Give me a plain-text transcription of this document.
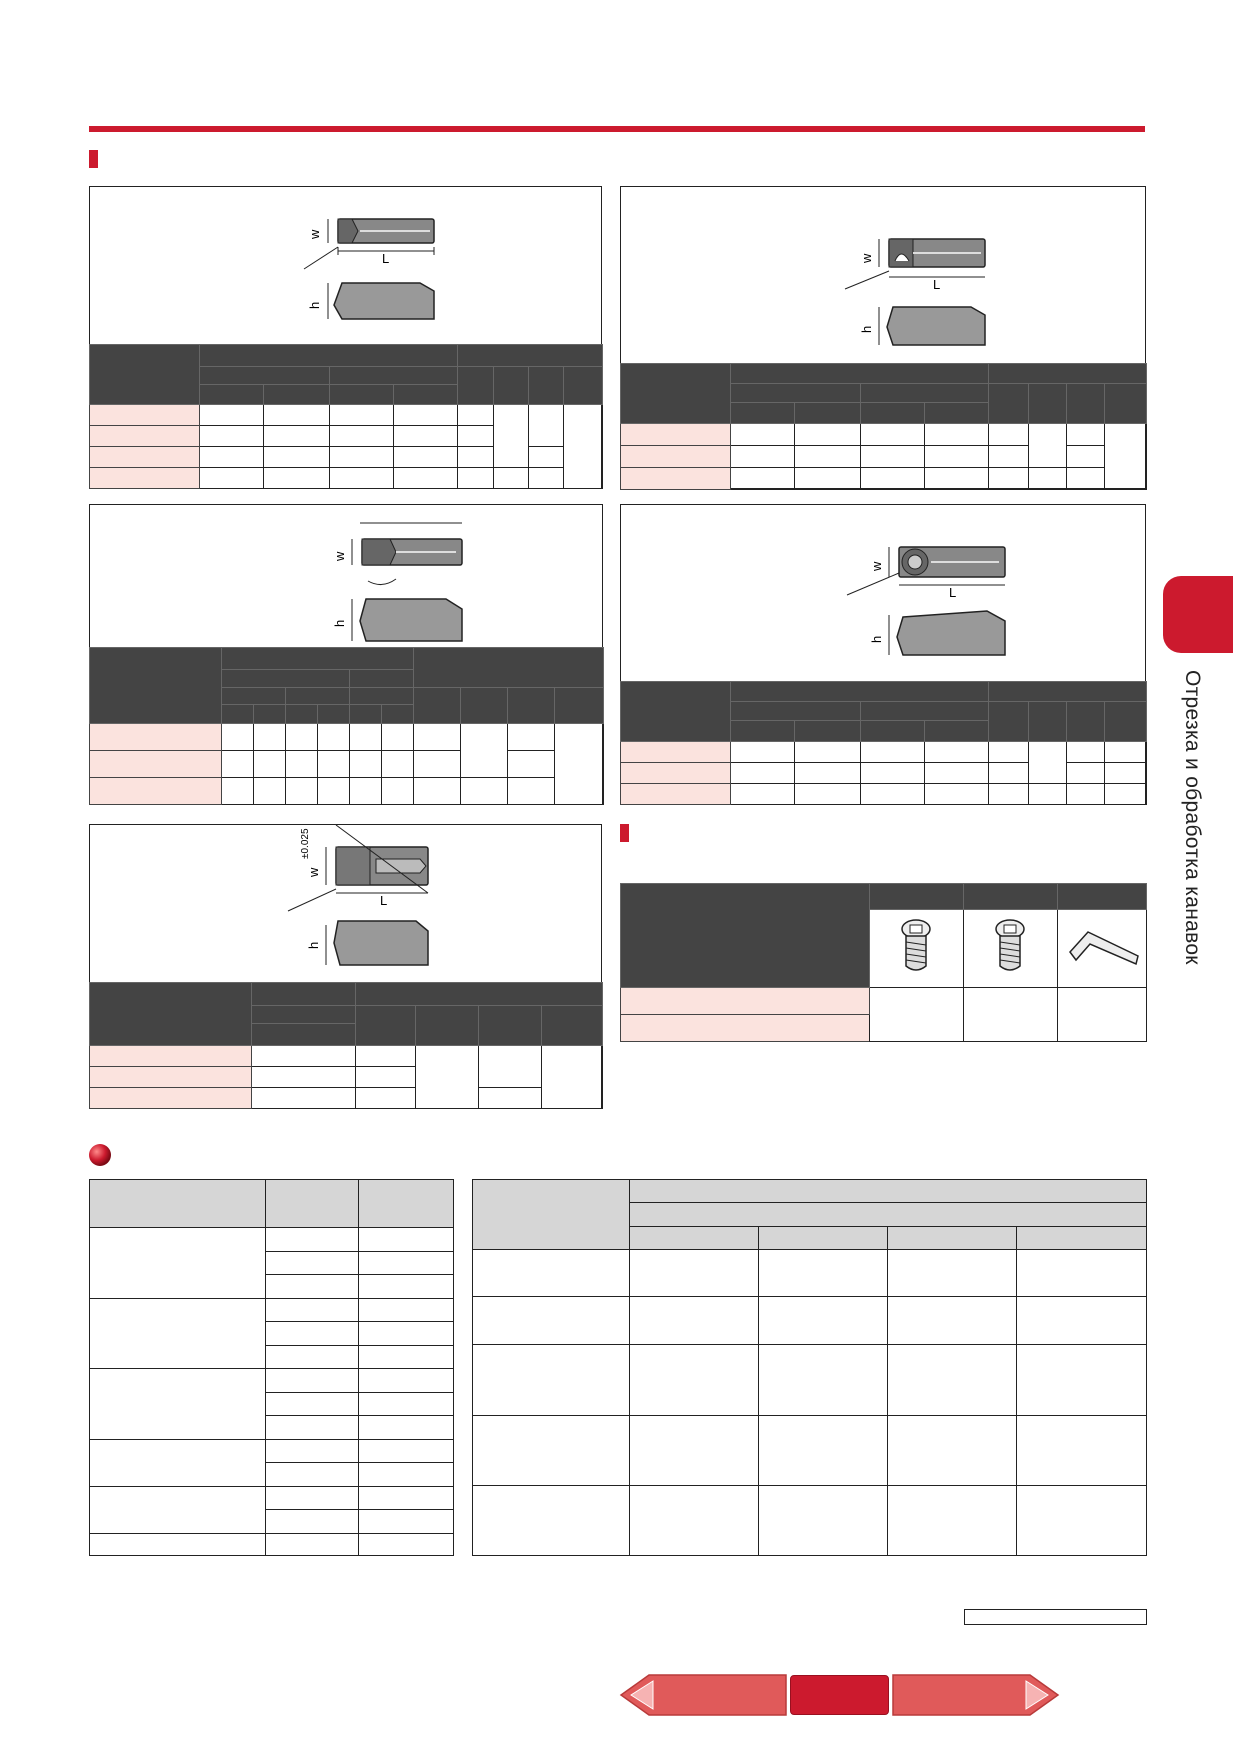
w
L
h

w
L
h

w
h

w
L
h

w
±0.025
L
h

					Отрезка и обработка канавок
